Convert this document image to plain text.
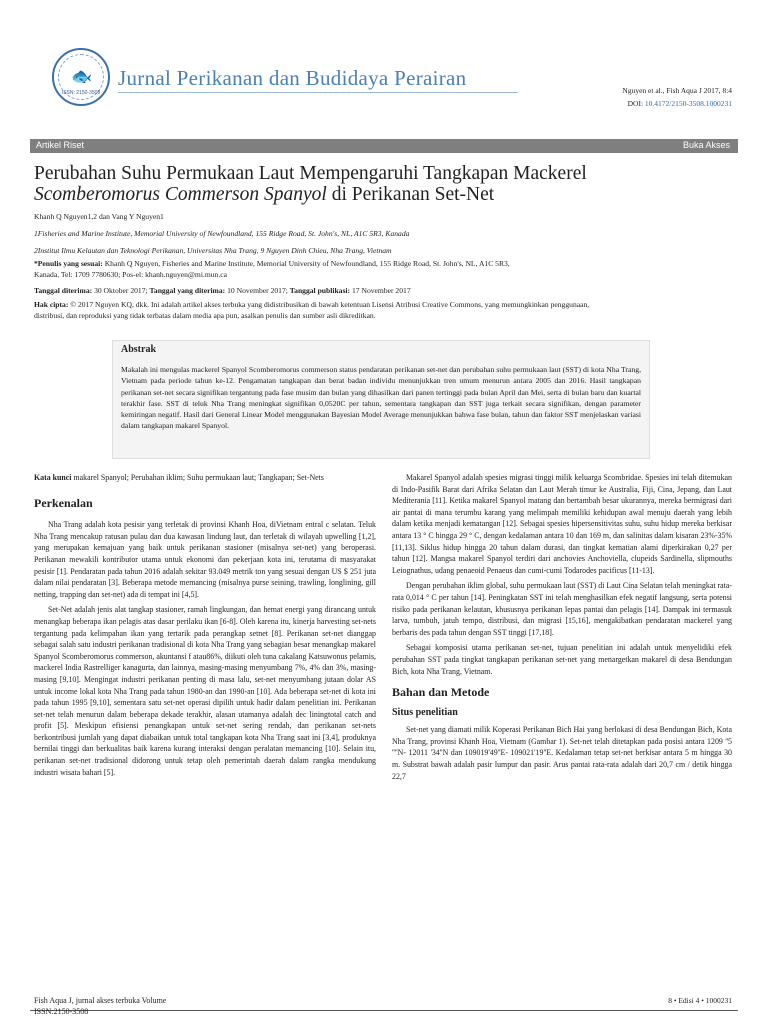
🐟
ISSN: 2150-3508
Jurnal Perikanan dan Budidaya Perairan
Nguyen et al., Fish Aqua J 2017, 8:4
DOI: 10.4172/2150-3508.1000231
Artikel Riset	Buka Akses
Perubahan Suhu Permukaan Laut Mempengaruhi Tangkapan Mackerel
Scomberomorus Commerson Spanyol di Perikanan Set-Net
Khanh Q Nguyen1,2 dan Vang Y Nguyen1
1Fisheries and Marine Institute, Memorial University of Newfoundland, 155 Ridge Road, St. John's, NL, A1C 5R3, Kanada
2Institut Ilmu Kelautan dan Teknologi Perikanan, Universitas Nha Trang, 9 Nguyen Dinh Chieu, Nha Trang, Vietnam
*Penulis yang sesuai: Khanh Q Nguyen, Fisheries and Marine Institute, Memorial University of Newfoundland, 155 Ridge Road, St. John's, NL, A1C 5R3,
Kanada, Tel: 1709 7780630; Pos-el: khanh.nguyen@mi.mun.ca
Tanggal diterima: 30 Oktober 2017; Tanggal yang diterima: 10 November 2017; Tanggal publikasi: 17 November 2017
Hak cipta: © 2017 Nguyen KQ, dkk. Ini adalah artikel akses terbuka yang didistribusikan di bawah ketentuan Lisensi Atribusi Creative Commons, yang memungkinkan penggunaan,
distribusi, dan reproduksi yang tidak terbatas dalam media apa pun, asalkan penulis dan sumber asli dikreditkan.
Abstrak
Makalah ini mengulas mackerel Spanyol Scomberomorus commerson status pendaratan perikanan set-net dan perubahan suhu permukaan laut (SST) di kota Nha Trang, Vietnam pada periode tahun ke-12. Pengamatan tangkapan dan berat badan individu menunjukkan tren umum menurun antara 2005 dan 2016. Hasil tangkapan perikanan set-net secara signifikan tergantung pada fase musim dan bulan yang dihasilkan dari panen tertinggi pada bulan April dan Mei, serta di bulan baru dan kuartal terakhir fase. SST di teluk Nha Trang meningkat signifikan 0,0520C per tahun, sementara tangkapan dan SST juga terkait secara signifikan, dengan parameter kemiringan negatif. Hasil dari General Linear Model menggunakan Bayesian Model Average menunjukkan bahwa fase bulan, tahun dan faktor SST menjelaskan variasi dalam tangkapan makarel Spanyol.

Kata kunci makarel Spanyol; Perubahan iklim; Suhu permukaan laut; Tangkapan; Set-Nets

Perkenalan

Nha Trang adalah kota pesisir yang terletak di provinsi Khanh Hoa, diVietnam entral c selatan. Teluk Nha Trang mencakup ratusan pulau dan dua kawasan lindung laut, dan terletak di wilayah upwelling [1,2], yang merupakan kemajuan yang baik untuk perikanan stasioner (misalnya set-net) yang beroperasi. Perikanan mewakili kontributor utama untuk ekonomi dan pekerjaan kota ini, terutama di masyarakat pesisir [1]. Pendaratan pada tahun 2016 adalah sekitar 93.049 metrik ton yang sesuai dengan US $ 251 juta dalam nilai pendaratan [3]. Beberapa metode memancing (misalnya purse seining, trawling, longlining, gill netting, trapping dan set-net) ada di tempat ini [4,5].

Set-Net adalah jenis alat tangkap stasioner, ramah lingkungan, dan hemat energi yang dirancang untuk menangkap beberapa ikan pelagis atas dasar perilaku ikan [6-8]. Oleh karena itu, kinerja harvesting set-nets tergantung pada kelimpahan ikan yang tertarik pada perangkap setnet [8]. Perikanan set-net dianggap sebagai salah satu industri perikanan tradisional di kota Nha Trang yang sebagian besar menangkap makarel Spanyol Scomberomorus commerson, akuntansi f atau86%, diikuti oleh tuna cakalang Katsuwonus pelamis, mackerel India Rastrelliger kanagurta, dan lainnya, masing-masing menyumbang 7%, 4% dan 3%, masing-masing [9,10]. Mengingat industri perikanan penting di masa lalu, set-net menyumbang jutaan dolar AS untuk income lokal kota Nha Trang pada tahun 1980-an dan 1990-an [10]. Ada beberapa set-net di kota ini pada tahun 1995 [9,10], sementara satu set-net operasi dipilih untuk hadir dalam penelitian ini. Perikanan set-net telah menurun dalam beberapa dekade terakhir, alasan utamanya adalah dec liningtotal catch and profit [5]. Meskipun efisiensi penangkapan untuk set-net sering rendah, dan perikanan set-nets berkontribusi jumlah yang dapat diabaikan untuk total tangkapan kota Nha Trang saat ini [3,4], produknya bernilai tinggi dan berkualitas baik karena kurang interaksi dengan peralatan memancing [10]. Selain itu, perikanan set-net tradisional didorong untuk tetap oleh pemerintah daerah dalam rangka mendukung industri wisata bahari [5].

Makarel Spanyol adalah spesies migrasi tinggi milik keluarga Scombridae. Spesies ini telah ditemukan di Indo-Pasifik Barat dari Afrika Selatan dan Laut Merah timur ke Australia, Fiji, Cina, Jepang, dan Laut Mediterania [11]. Ketika makarel Spanyol matang dan bertambah besar ukurannya, mereka bermigrasi dari air pantai di mana terumbu karang yang melimpah memiliki kehidupan awal menuju daerah yang lebih dalam ketika menjadi kematangan [12]. Sebagai spesies hipersensitivitas suhu, suhu hidup mereka berkisar antara 13 ° C hingga 29 ° C, dengan kedalaman antara 10 dan 169 m, dan salinitas dalam kisaran 23%-35% [11,13]. Siklus hidup hingga 20 tahun dalam durasi, dan tingkat kematian alami diperkirakan 0,27 per tahun [12]. Mangsa makarel Spanyol terdiri dari anchovies Anchoviella, clupeids Sardinella, slipmouths Leiognathus, udang penaeoid Penaeus dan cumi-cumi Todarodes pacificus [11-13].

Dengan perubahan iklim global, suhu permukaan laut (SST) di Laut Cina Selatan telah meningkat rata-rata 0,014 ° C per tahun [14]. Peningkatan SST ini telah menghasilkan efek negatif langsung, serta potensi risiko pada perikanan kelautan, khususnya perikanan lepas pantai dan pelagis [14]. Dampak ini termasuk larva, tumbuh, jatuh tempo, distribusi, dan migrasi [15,16], mengakibatkan pendaratan mackerel yang berbaris des pada tahun dengan SST tinggi [17,18].

Sebagai komposisi utama perikanan set-net, tujuan penelitian ini adalah untuk menyelidiki efek perubahan SST pada tingkat tangkapan perikanan set-net yang menargetkan makarel di desa Bendungan Bich, kota Nha Trang, Vietnam.

Bahan dan Metode
Situs penelitian

Set-net yang diamati milik Koperasi Perikanan Bich Hai yang berlokasi di desa Bendungan Bich, Kota Nha Trang, provinsi Khanh Hoa, Vietnam (Gambar 1). Set-net telah ditetapkan pada posisi antara 1209 ''5 ''''N- 12011 '34''N dan 109019'49''E- 109021'19''E. Kedalaman tetap set-net berkisar antara 5 m hingga 30 m. Substrat bawah adalah pasir lumpur dan pasir. Arus pantai rata-rata adalah dari 20,7 cm / detik hingga 22,7

Fish Aqua J, jurnal akses terbuka Volume
ISSN:2150-3508
8 • Edisi 4 • 1000231
